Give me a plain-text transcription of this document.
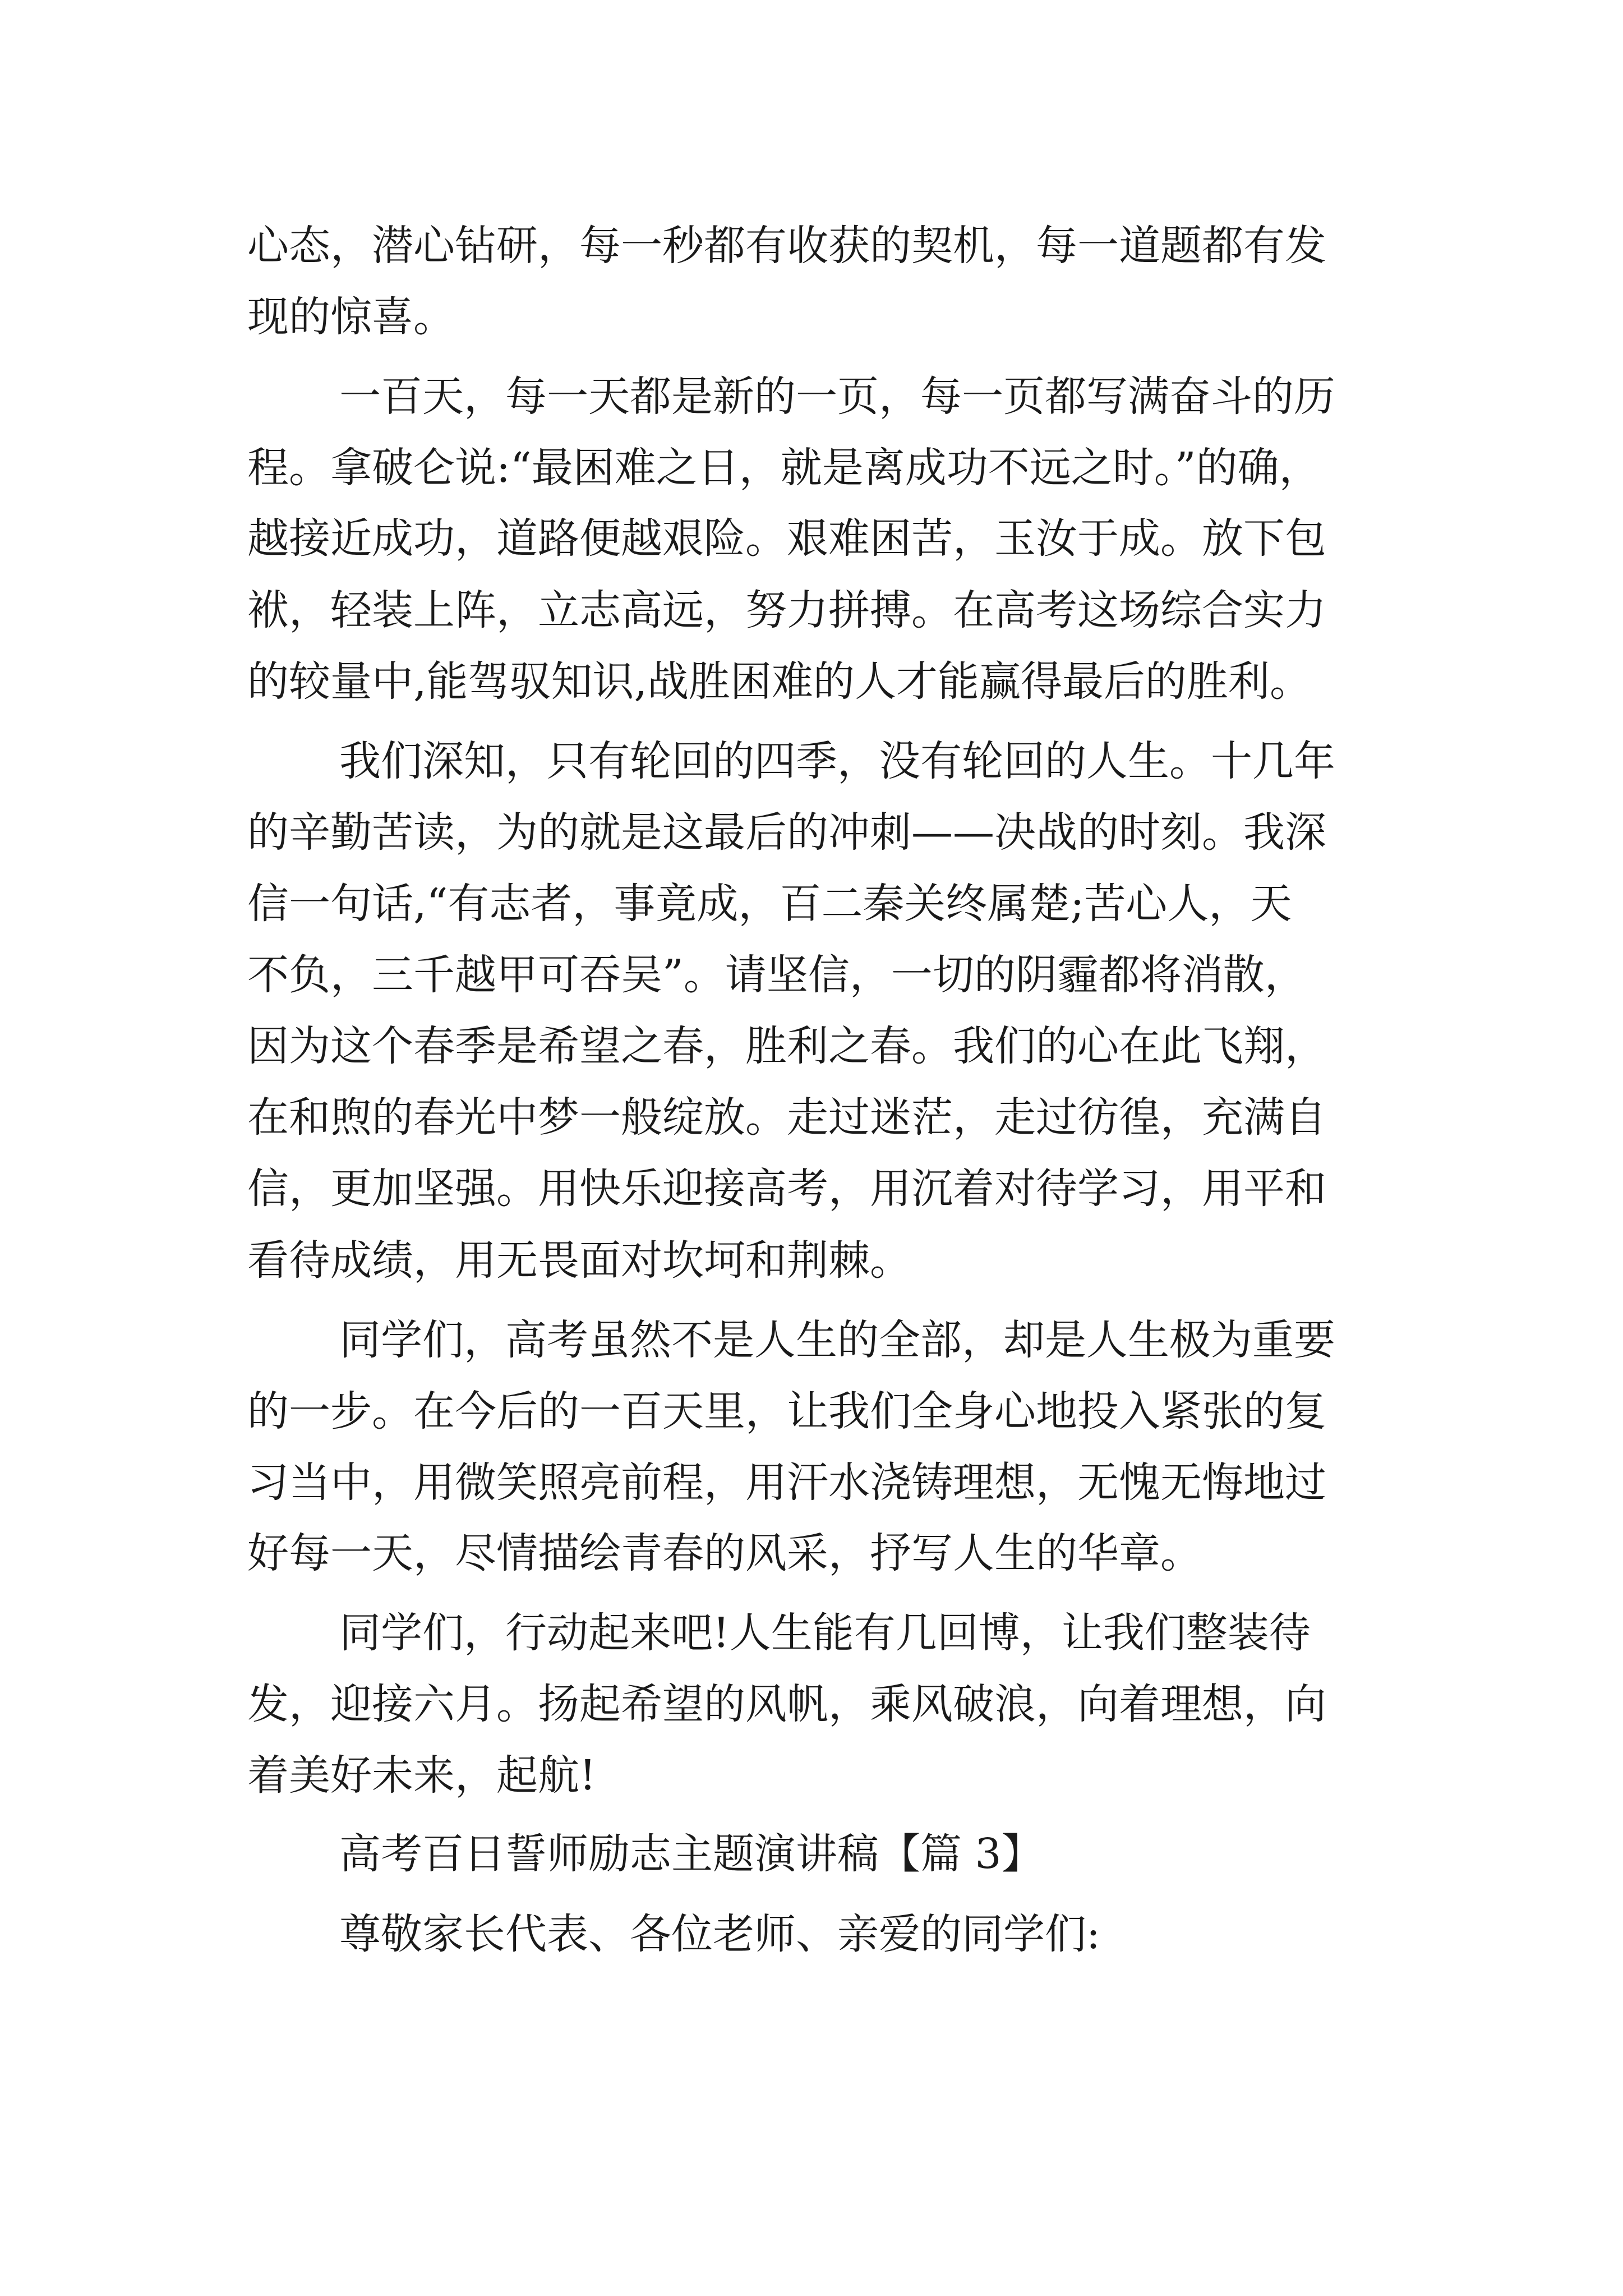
心态，潜心钻研，每一秒都有收获的契机，每一道题都有发

现的惊喜。

一百天，每一天都是新的一页，每一页都写满奋斗的历

程。拿破仑说:“最困难之日，就是离成功不远之时。”的确，

越接近成功，道路便越艰险。艰难困苦，玉汝于成。放下包

袱，轻装上阵，立志高远，努力拼搏。在高考这场综合实力

的较量中,能驾驭知识,战胜困难的人才能赢得最后的胜利。

我们深知，只有轮回的四季，没有轮回的人生。十几年

的辛勤苦读，为的就是这最后的冲刺——决战的时刻。我深

信一句话,“有志者，事竟成，百二秦关终属楚;苦心人，天

不负，三千越甲可吞吴”。请坚信，一切的阴霾都将消散，

因为这个春季是希望之春，胜利之春。我们的心在此飞翔，

在和煦的春光中梦一般绽放。走过迷茫，走过彷徨，充满自

信，更加坚强。用快乐迎接高考，用沉着对待学习，用平和

看待成绩，用无畏面对坎坷和荆棘。

同学们，高考虽然不是人生的全部，却是人生极为重要

的一步。在今后的一百天里，让我们全身心地投入紧张的复

习当中，用微笑照亮前程，用汗水浇铸理想，无愧无悔地过

好每一天，尽情描绘青春的风采，抒写人生的华章。

同学们，行动起来吧!人生能有几回博，让我们整装待

发，迎接六月。扬起希望的风帆，乘风破浪，向着理想，向

着美好未来，起航!

高考百日誓师励志主题演讲稿【篇 3】

尊敬家长代表、各位老师、亲爱的同学们:
